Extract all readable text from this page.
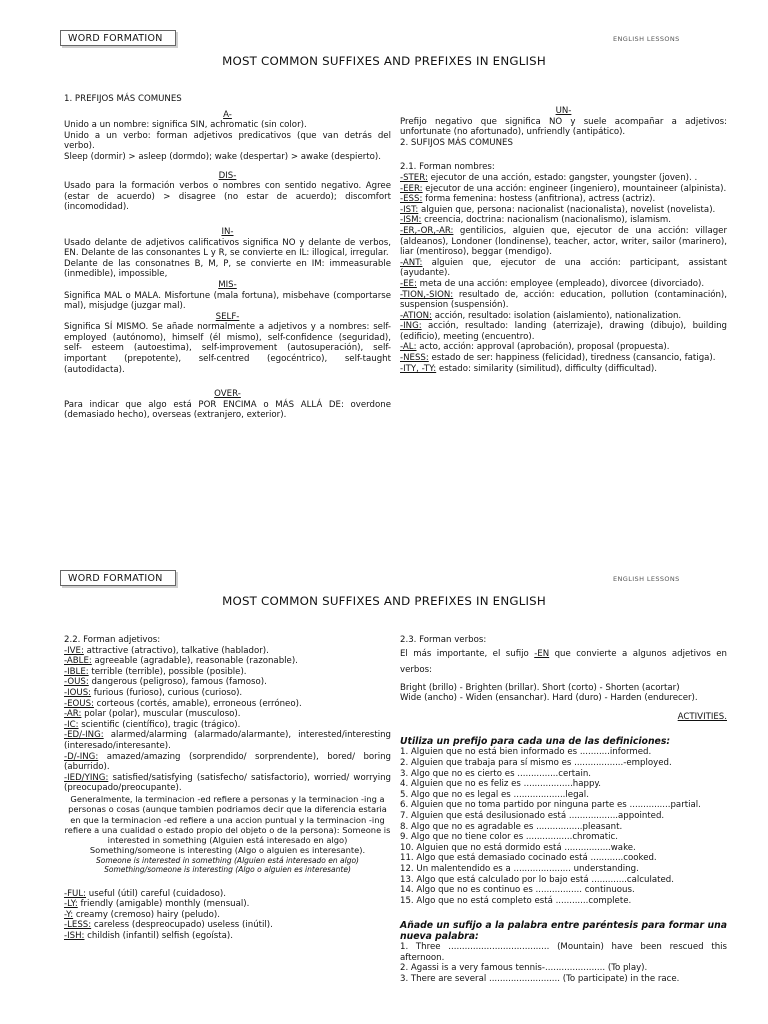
WORD FORMATION	ENGLISH LESSONS
MOST COMMON SUFFIXES AND PREFIXES IN ENGLISH

1. PREFIJOS MÁS COMUNES

A-

Unido a un nombre: significa SIN, achromatic (sin color).

Unido a un verbo: forman adjetivos predicativos (que van detrás del verbo).

Sleep (dormir) > asleep (dormdo); wake (despertar) > awake (despierto).

DIS-

Usado para la formación verbos o nombres con sentido negativo. Agree (estar de acuerdo) > disagree (no estar de acuerdo); discomfort (incomodidad).

IN-

Usado delante de adjetivos calificativos significa NO y delante de verbos, EN. Delante de las consonantes L y R, se convierte en IL: illogical, irregular.

Delante de las consonatnes B, M, P, se convierte en IM: immeasurable (inmedible), impossible,

MIS-

Significa MAL o MALA. Misfortune (mala fortuna), misbehave (comportarse mal), misjudge (juzgar mal).

SELF-

Significa SÍ MISMO. Se añade normalmente a adjetivos y a nombres: self-employed (autónomo), himself (él mismo), self-confidence (seguridad), self- esteem (autoestima), self-improvement (autosuperación), self-important (prepotente), self-centred (egocéntrico), self-taught (autodidacta).

OVER-

Para indicar que algo está POR ENCIMA o MÁS ALLÁ DE: overdone (demasiado hecho), overseas (extranjero, exterior).

UN-

Prefijo negativo que significa NO y suele acompañar a adjetivos: unfortunate (no afortunado), unfriendly (antipático).

2. SUFIJOS MÁS COMUNES

2.1. Forman nombres:

-STER: ejecutor de una acción, estado: gangster, youngster (joven). .

-EER: ejecutor de una acción: engineer (ingeniero), mountaineer (alpinista).

-ESS: forma femenina: hostess (anfitriona), actress (actriz).

-IST: alguien que, persona: nacionalist (nacionalista), novelist (novelista).

-ISM: creencia, doctrina: nacionalism (nacionalismo), islamism.

-ER,-OR,-AR: gentilicios, alguien que, ejecutor de una acción: villager (aldeanos), Londoner (londinense), teacher, actor, writer, sailor (marinero), liar (mentiroso), beggar (mendigo).

-ANT: alguien que, ejecutor de una acción: participant, assistant (ayudante).

-EE: meta de una acción: employee (empleado), divorcee (divorciado).

-TION,-SION: resultado de, acción: education, pollution (contaminación), suspension (suspensión).

-ATION: acción, resultado: isolation (aislamiento), nationalization.

-ING: acción, resultado: landing (aterrizaje), drawing (dibujo), building (edificio), meeting (encuentro).

-AL: acto, acción: approval (aprobación), proposal (propuesta).

-NESS: estado de ser: happiness (felicidad), tiredness (cansancio, fatiga).

-ITY, -TY: estado: similarity (similitud), difficulty (difficultad).

WORD FORMATION	ENGLISH LESSONS
MOST COMMON SUFFIXES AND PREFIXES IN ENGLISH

2.2. Forman adjetivos:

-IVE: attractive (atractivo), talkative (hablador).

-ABLE: agreeable (agradable), reasonable (razonable).

-IBLE: terrible (terrible), possible (posible).

-OUS: dangerous (peligroso), famous (famoso).

-IOUS: furious (furioso), curious (curioso).

-EOUS: corteous (cortés, amable), erroneous (erróneo).

-AR: polar (polar), muscular (musculoso).

-IC: scientific (científico), tragic (trágico).

-ED/-ING: alarmed/alarming (alarmado/alarmante), interested/interesting (interesado/interesante).

-D/-ING: amazed/amazing (sorprendido/ sorprendente), bored/ boring (aburrido).

-IED/YING: satisfied/satisfying (satisfecho/ satisfactorio), worried/ worrying (preocupado/preocupante).

Generalmente, la terminacion -ed refiere a personas y la terminacion -ing a personas o cosas (aunque tambien podriamos decir que la diferencia estaria en que la terminacion -ed refiere a una accion puntual y la terminacion -ing refiere a una cualidad o estado propio del objeto o de la persona): Someone is interested in something (Alguien está interesado en algo)

Something/someone is interesting (Algo o alguien es interesante).

Someone is interested in something (Alguien está interesado en algo)

Something/someone is interesting (Algo o alguien es interesante)

-FUL: useful (útil) careful (cuidadoso).

-LY: friendly (amigable) monthly (mensual).

-Y: creamy (cremoso) hairy (peludo).

-LESS: careless (despreocupado) useless (inútil).

-ISH: childish (infantil) selfish (egoísta).

2.3. Forman verbos:

El más importante, el sufijo -EN que convierte a algunos adjetivos en verbos:

Bright (brillo) - Brighten (brillar). Short (corto) - Shorten (acortar)

Wide (ancho) - Widen (ensanchar). Hard (duro) - Harden (endurecer).

ACTIVITIES.

Utiliza un prefijo para cada una de las definiciones:

1. Alguien que no está bien informado es ...........informed.

2. Alguien que trabaja para sí mismo es ..................-employed.

3. Algo que no es cierto es ...............certain.

4. Alguien que no es feliz es ..................happy.

5. Algo que no es legal es ...................legal.

6. Alguien que no toma partido por ninguna parte es ...............partial.

7. Alguien que está desilusionado está ..................appointed.

8. Algo que no es agradable es .................pleasant.

9. Algo que no tiene color es .................chromatic.

10. Alguien que no está dormido está .................wake.

11. Algo que está demasiado cocinado está ............cooked.

12. Un malentendido es a ..................... understanding.

13. Algo que está calculado por lo bajo está .............calculated.

14. Algo que no es continuo es ................. continuous.

15. Algo que no está completo está ............complete.

Añade un sufijo a la palabra entre paréntesis para formar una nueva palabra:

1. Three ..................................... (Mountain) have been rescued this afternoon.

2. Agassi is a very famous tennis-...................... (To play).

3. There are several .......................... (To participate) in the race.
